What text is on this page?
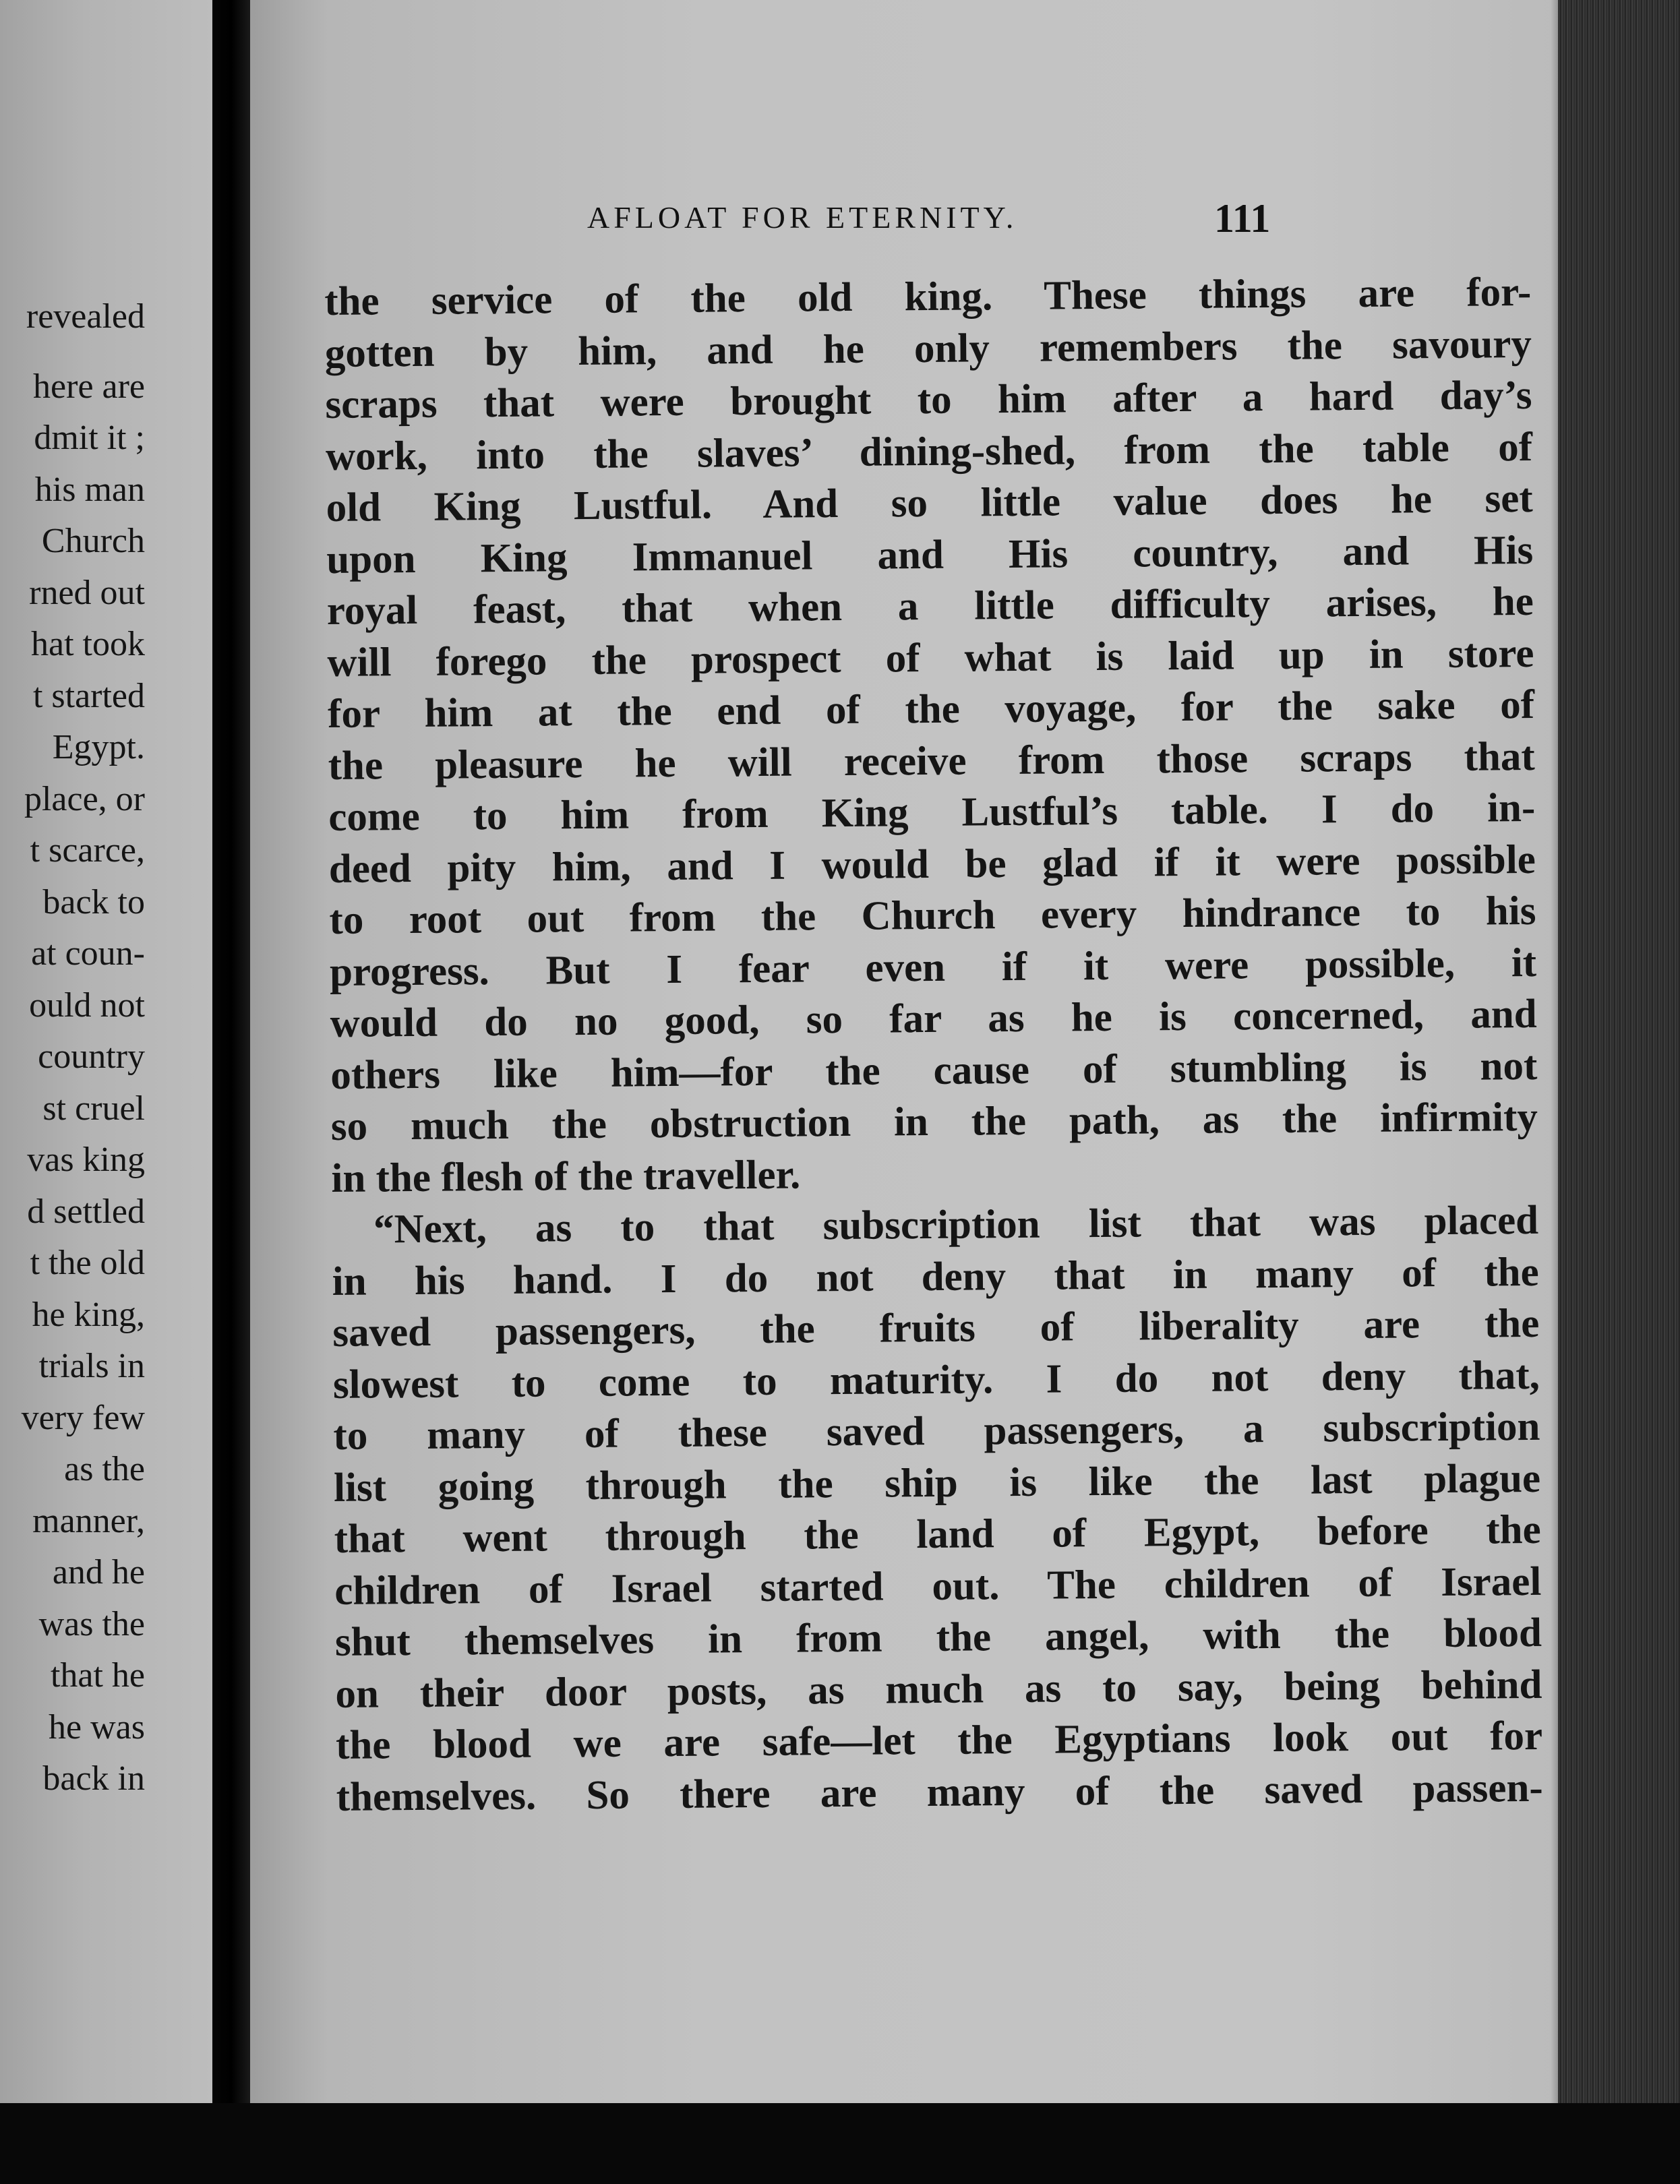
revealed
here are
dmit it ;
his man
Church
rned out
hat took
t started
Egypt.
place, or
t scarce,
back to
at coun-
ould not
country
st cruel
vas king
d settled
t the old
he king,
trials in
very few
as the
manner,
and he
was the
that he
he was
back in
AFLOAT FOR ETERNITY.	111
the service of the old king. These things are for-
gotten by him, and he only remembers the savoury
scraps that were brought to him after a hard day’s
work, into the slaves’ dining-shed, from the table of
old King Lustful. And so little value does he set
upon King Immanuel and His country, and His
royal feast, that when a little difficulty arises, he
will forego the prospect of what is laid up in store
for him at the end of the voyage, for the sake of
the pleasure he will receive from those scraps that
come to him from King Lustful’s table. I do in-
deed pity him, and I would be glad if it were possible
to root out from the Church every hindrance to his
progress. But I fear even if it were possible, it
would do no good, so far as he is concerned, and
others like him—for the cause of stumbling is not
so much the obstruction in the path, as the infirmity
in the flesh of the traveller.
“Next, as to that subscription list that was placed
in his hand. I do not deny that in many of the
saved passengers, the fruits of liberality are the
slowest to come to maturity. I do not deny that,
to many of these saved passengers, a subscription
list going through the ship is like the last plague
that went through the land of Egypt, before the
children of Israel started out. The children of Israel
shut themselves in from the angel, with the blood
on their door posts, as much as to say, being behind
the blood we are safe—let the Egyptians look out for
themselves. So there are many of the saved passen-
